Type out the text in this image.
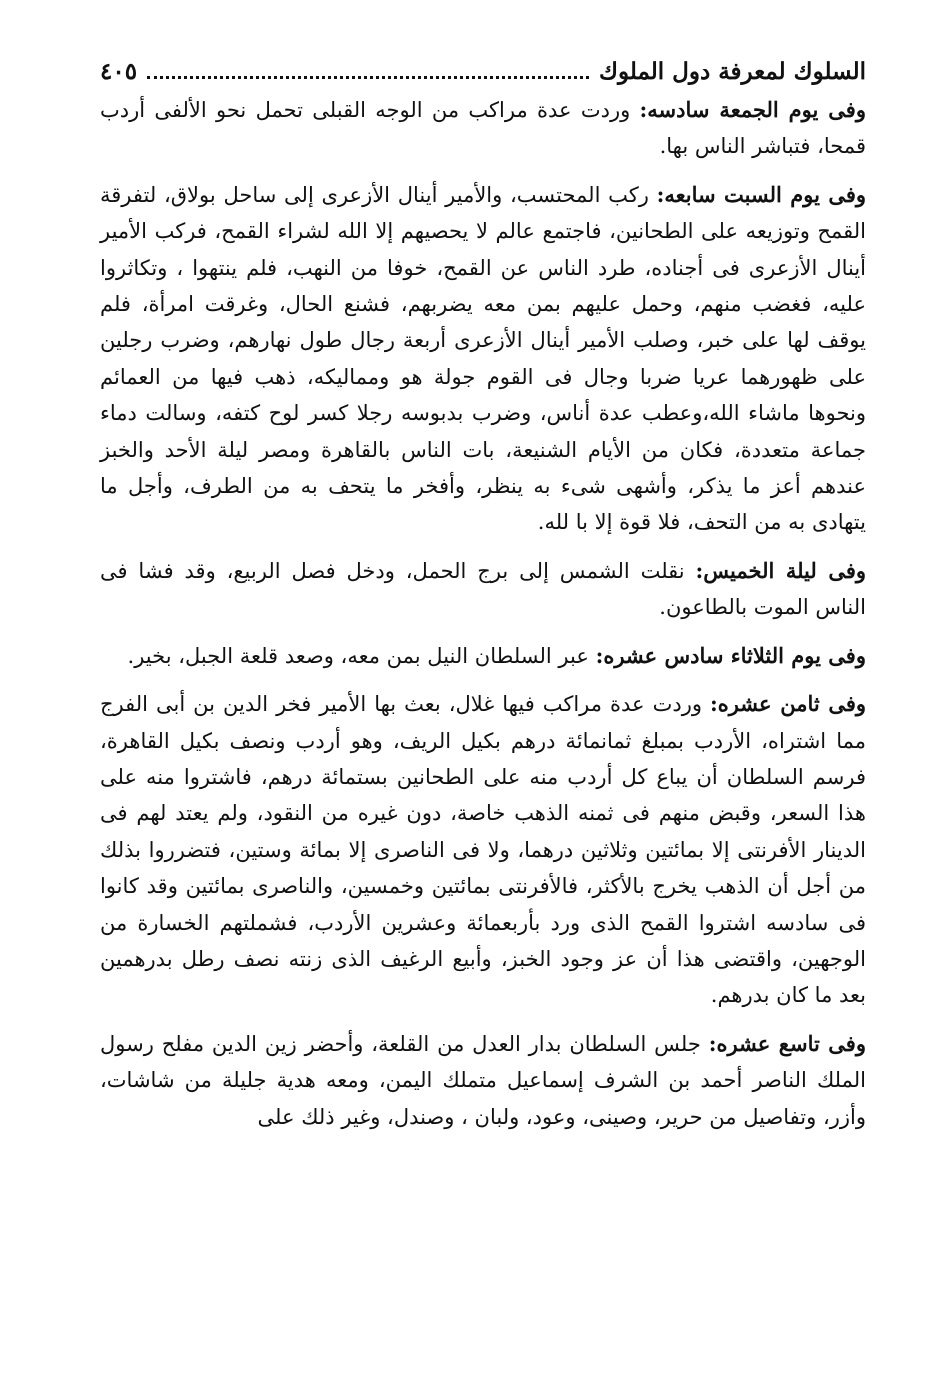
السلوك لمعرفة دول الملوك
٤٠٥

وفى يوم الجمعة سادسه: وردت عدة مراكب من الوجه القبلى تحمل نحو الألفى أردب قمحا، فتباشر الناس بها.

وفى يوم السبت سابعه: ركب المحتسب، والأمير أينال الأزعرى إلى ساحل بولاق، لتفرقة القمح وتوزيعه على الطحانين، فاجتمع عالم لا يحصيهم إلا الله لشراء القمح، فركب الأمير أينال الأزعرى فى أجناده، طرد الناس عن القمح، خوفا من النهب، فلم ينتهوا ، وتكاثروا عليه، فغضب منهم، وحمل عليهم بمن معه يضربهم، فشنع الحال، وغرقت امرأة، فلم يوقف لها على خبر، وصلب الأمير أينال الأزعرى أربعة رجال طول نهارهم، وضرب رجلين على ظهورهما عريا ضربا وجال فى القوم جولة هو ومماليكه، ذهب فيها من العمائم ونحوها ماشاء الله،وعطب عدة أناس، وضرب بدبوسه رجلا كسر لوح كتفه، وسالت دماء جماعة متعددة، فكان من الأيام الشنيعة، بات الناس بالقاهرة ومصر ليلة الأحد والخبز عندهم أعز ما يذكر، وأشهى شىء به ينظر، وأفخر ما يتحف به من الطرف، وأجل ما يتهادى به من التحف، فلا قوة إلا با لله.

وفى ليلة الخميس: نقلت الشمس إلى برج الحمل، ودخل فصل الربيع، وقد فشا فى الناس الموت بالطاعون.

وفى يوم الثلاثاء سادس عشره: عبر السلطان النيل بمن معه، وصعد قلعة الجبل، بخير.

وفى ثامن عشره: وردت عدة مراكب فيها غلال، بعث بها الأمير فخر الدين بن أبى الفرج مما اشتراه، الأردب بمبلغ ثمانمائة درهم بكيل الريف، وهو أردب ونصف بكيل القاهرة، فرسم السلطان أن يباع كل أردب منه على الطحانين بستمائة درهم، فاشتروا منه على هذا السعر، وقبض منهم فى ثمنه الذهب خاصة، دون غيره من النقود، ولم يعتد لهم فى الدينار الأفرنتى إلا بمائتين وثلاثين درهما، ولا فى الناصرى إلا بمائة وستين، فتضرروا بذلك من أجل أن الذهب يخرج بالأكثر، فالأفرنتى بمائتين وخمسين، والناصرى بمائتين وقد كانوا فى سادسه اشتروا القمح الذى ورد بأربعمائة وعشرين الأردب، فشملتهم الخسارة من الوجهين، واقتضى هذا أن عز وجود الخبز، وأبيع الرغيف الذى زنته نصف رطل بدرهمين بعد ما كان بدرهم.

وفى تاسع عشره: جلس السلطان بدار العدل من القلعة، وأحضر زين الدين مفلح رسول الملك الناصر أحمد بن الشرف إسماعيل متملك اليمن، ومعه هدية جليلة من شاشات، وأزر، وتفاصيل من حرير، وصينى، وعود، ولبان ، وصندل، وغير ذلك على
